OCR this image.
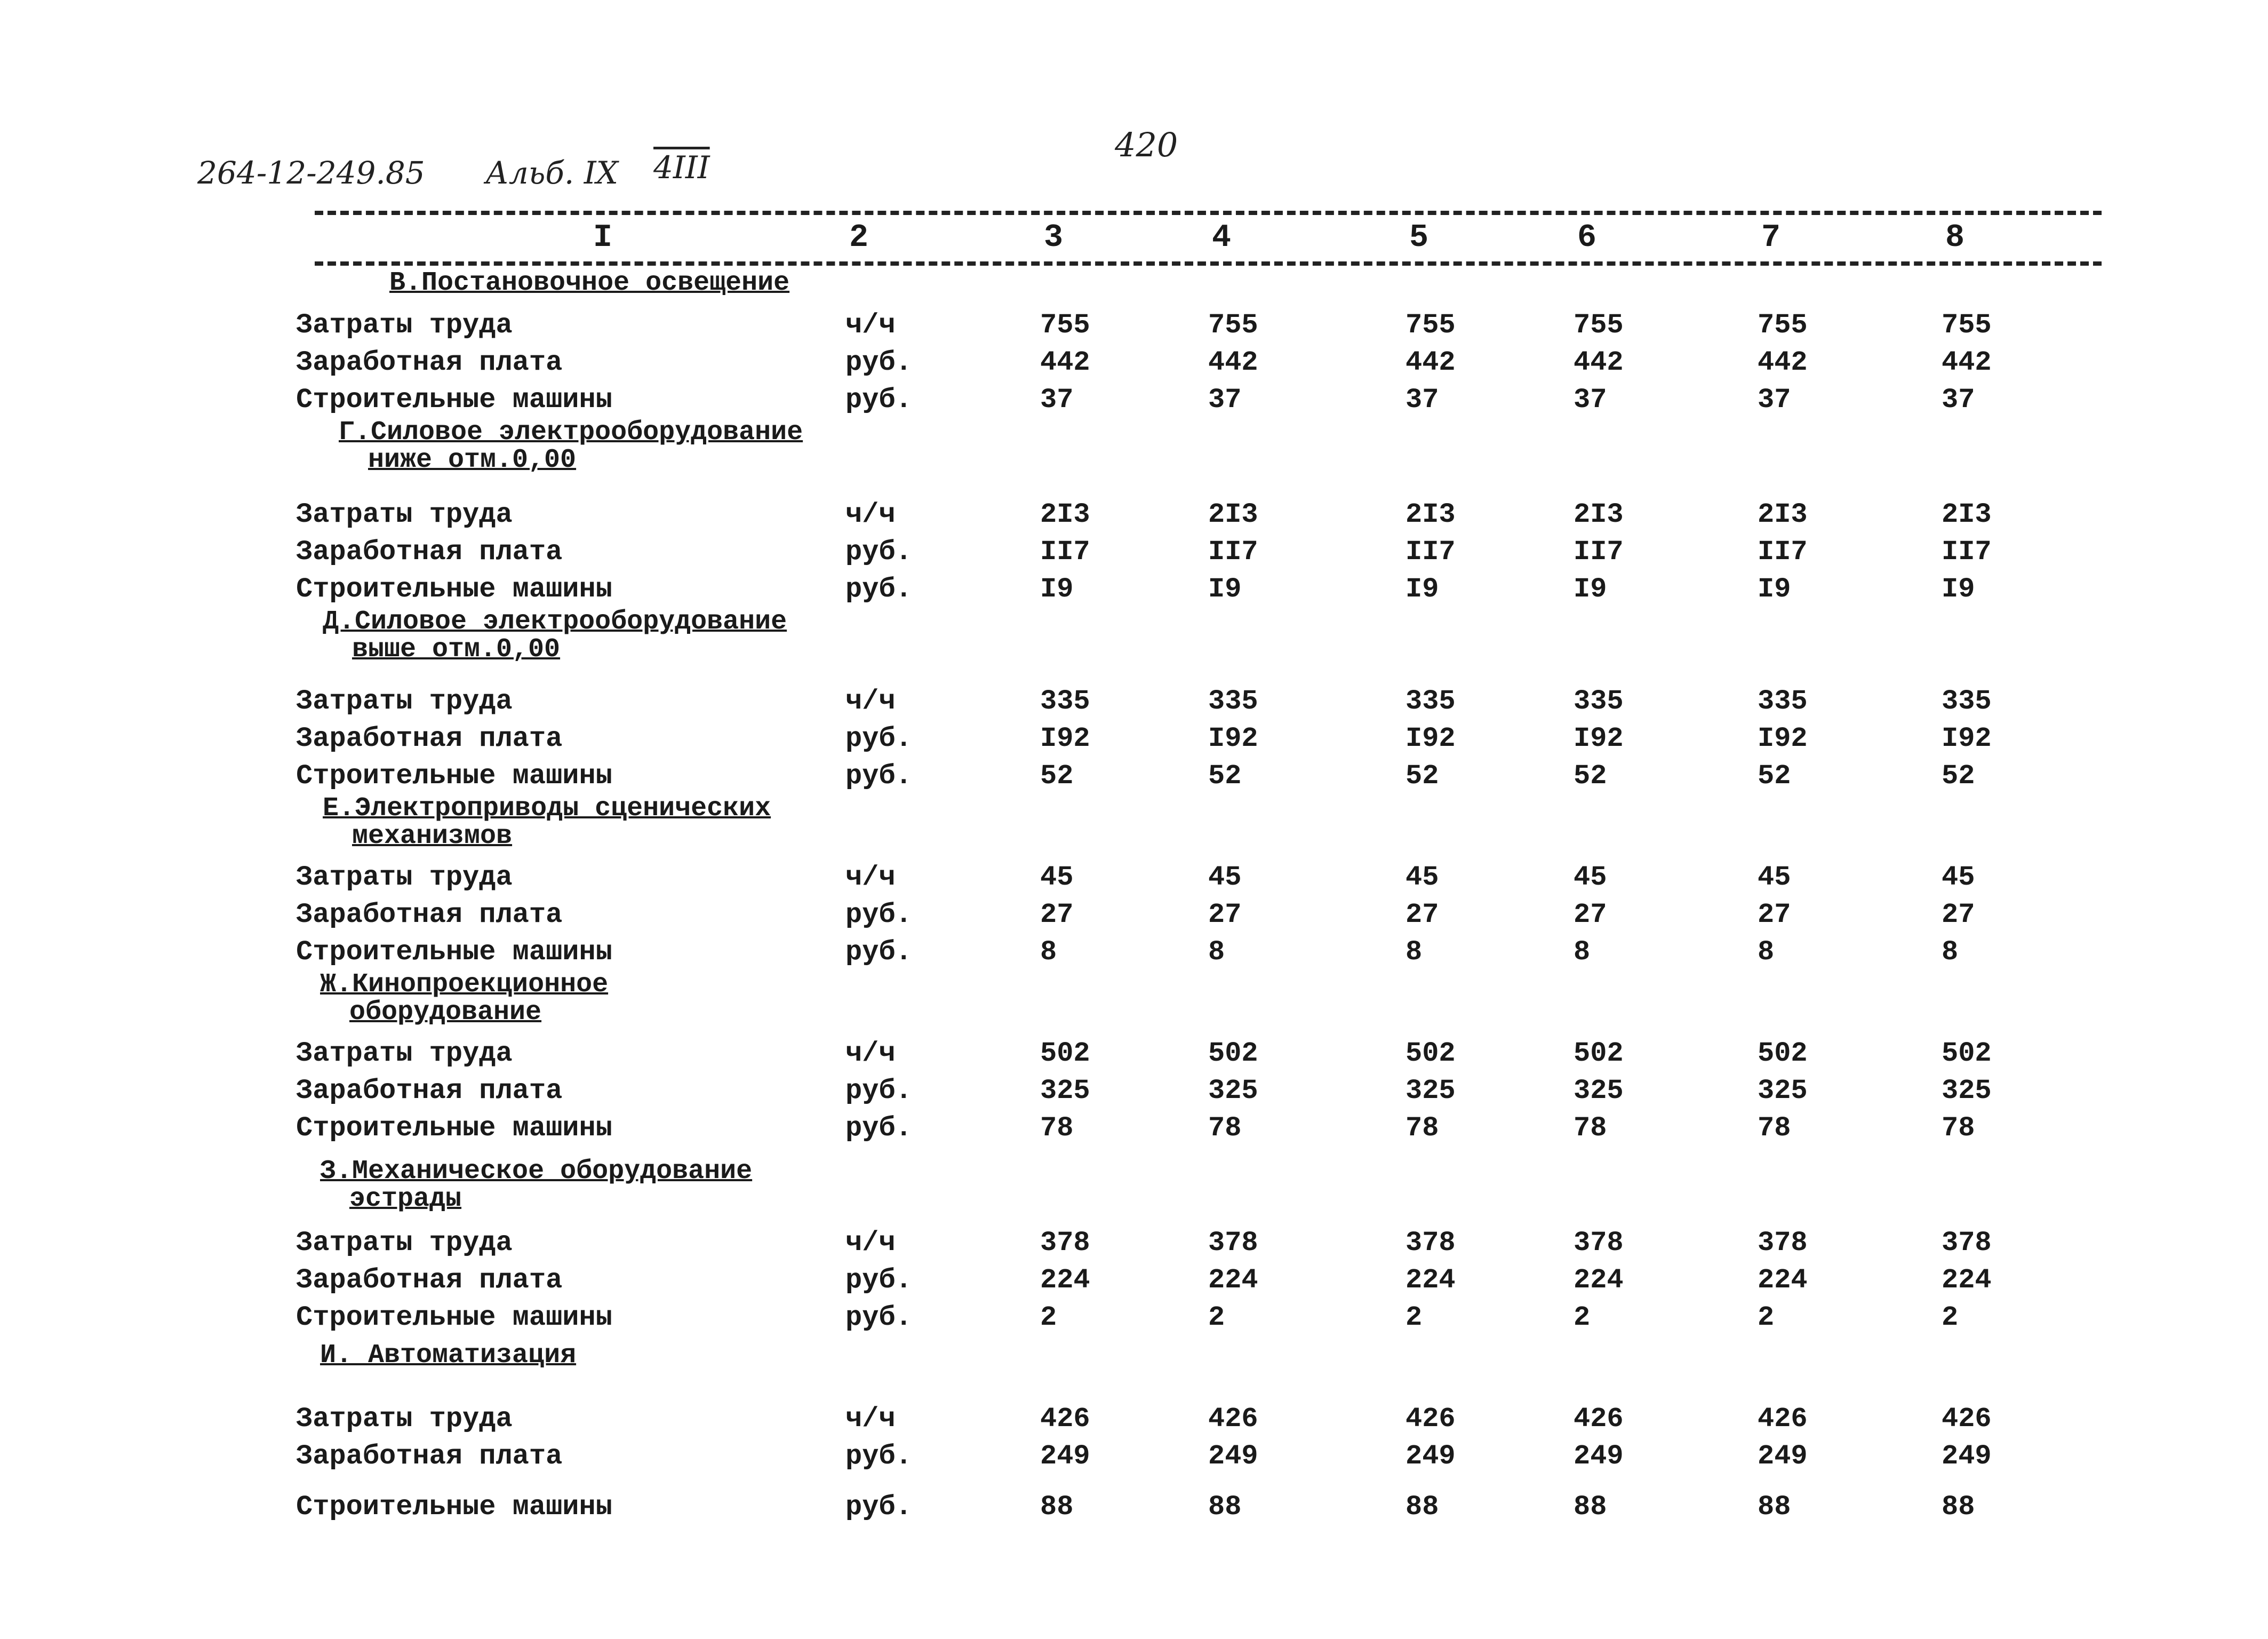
264-12-249.85 Альб. IX 4III
420
I	2	3	4	5	6	7	8
В.Постановочное освещение
Затраты труда	ч/ч	755	755	755	755	755	755
Заработная плата	руб.	442	442	442	442	442	442
Строительные машины	руб.	37	37	37	37	37	37
Г.Силовое электрооборудование
ниже отм.0,00
Затраты труда	ч/ч	2I3	2I3	2I3	2I3	2I3	2I3
Заработная плата	руб.	II7	II7	II7	II7	II7	II7
Строительные машины	руб.	I9	I9	I9	I9	I9	I9
Д.Силовое электрооборудование
выше отм.0,00
Затраты труда	ч/ч	335	335	335	335	335	335
Заработная плата	руб.	I92	I92	I92	I92	I92	I92
Строительные машины	руб.	52	52	52	52	52	52
Е.Электроприводы сценических
механизмов
Затраты труда	ч/ч	45	45	45	45	45	45
Заработная плата	руб.	27	27	27	27	27	27
Строительные машины	руб.	8	8	8	8	8	8
Ж.Кинопроекционное
оборудование
Затраты труда	ч/ч	502	502	502	502	502	502
Заработная плата	руб.	325	325	325	325	325	325
Строительные машины	руб.	78	78	78	78	78	78
З.Механическое оборудование
эстрады
Затраты труда	ч/ч	378	378	378	378	378	378
Заработная плата	руб.	224	224	224	224	224	224
Строительные машины	руб.	2	2	2	2	2	2
И. Автоматизация
Затраты труда	ч/ч	426	426	426	426	426	426
Заработная плата	руб.	249	249	249	249	249	249
Строительные машины	руб.	88	88	88	88	88	88
